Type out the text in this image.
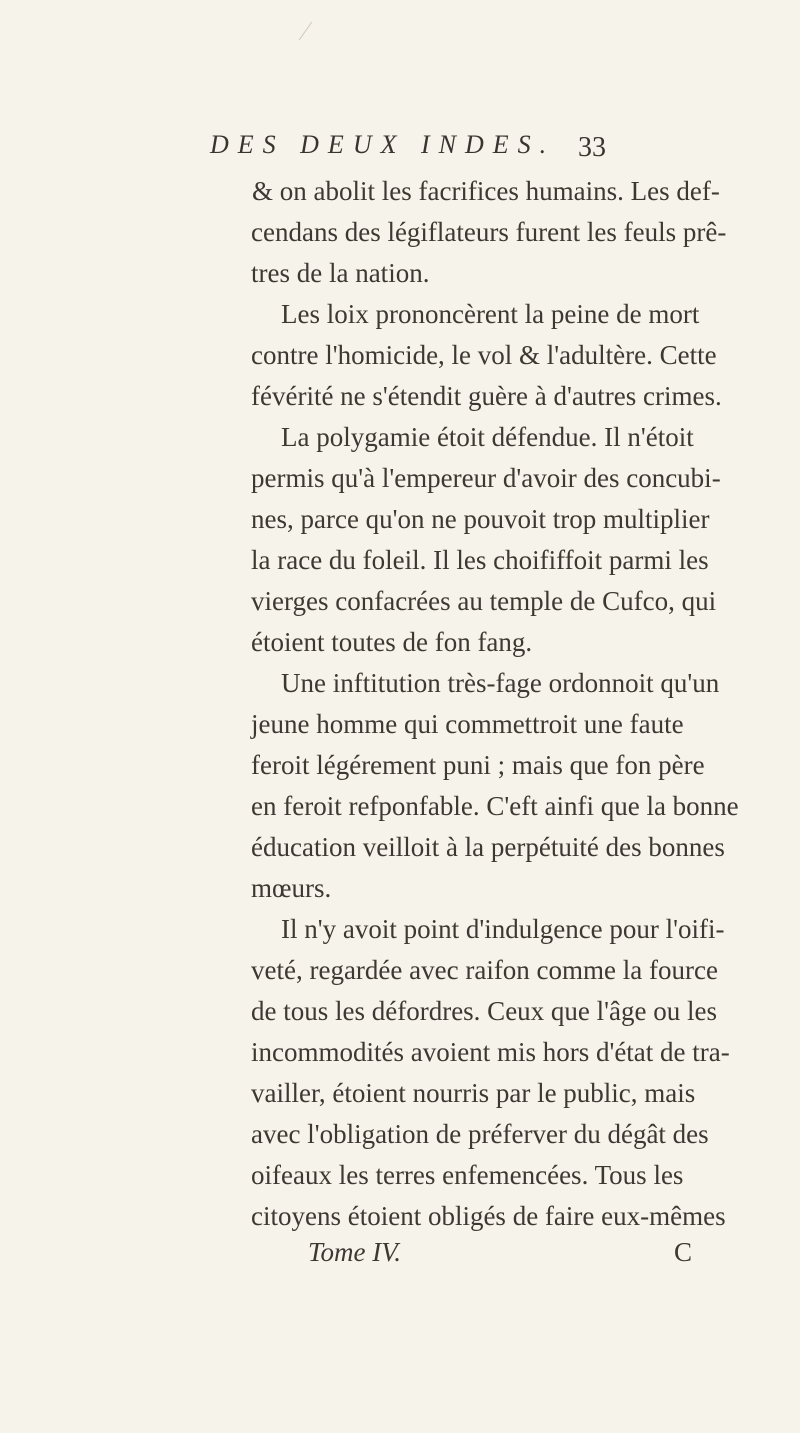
DES DEUX INDES. 33
& on abolit les facrifices humains. Les def-
cendans des légiflateurs furent les feuls prê-
tres de la nation.
Les loix prononcèrent la peine de mort
contre l'homicide, le vol & l'adultère. Cette
févérité ne s'étendit guère à d'autres crimes.
La polygamie étoit défendue. Il n'étoit
permis qu'à l'empereur d'avoir des concubi-
nes, parce qu'on ne pouvoit trop multiplier
la race du foleil. Il les choififfoit parmi les
vierges confacrées au temple de Cufco, qui
étoient toutes de fon fang.
Une inftitution très-fage ordonnoit qu'un
jeune homme qui commettroit une faute
feroit légérement puni ; mais que fon père
en feroit refponfable. C'eft ainfi que la bonne
éducation veilloit à la perpétuité des bonnes
mœurs.
Il n'y avoit point d'indulgence pour l'oifi-
veté, regardée avec raifon comme la fource
de tous les défordres. Ceux que l'âge ou les
incommodités avoient mis hors d'état de tra-
vailler, étoient nourris par le public, mais
avec l'obligation de préferver du dégât des
oifeaux les terres enfemencées. Tous les
citoyens étoient obligés de faire eux-mêmes
Tome IV.	C
